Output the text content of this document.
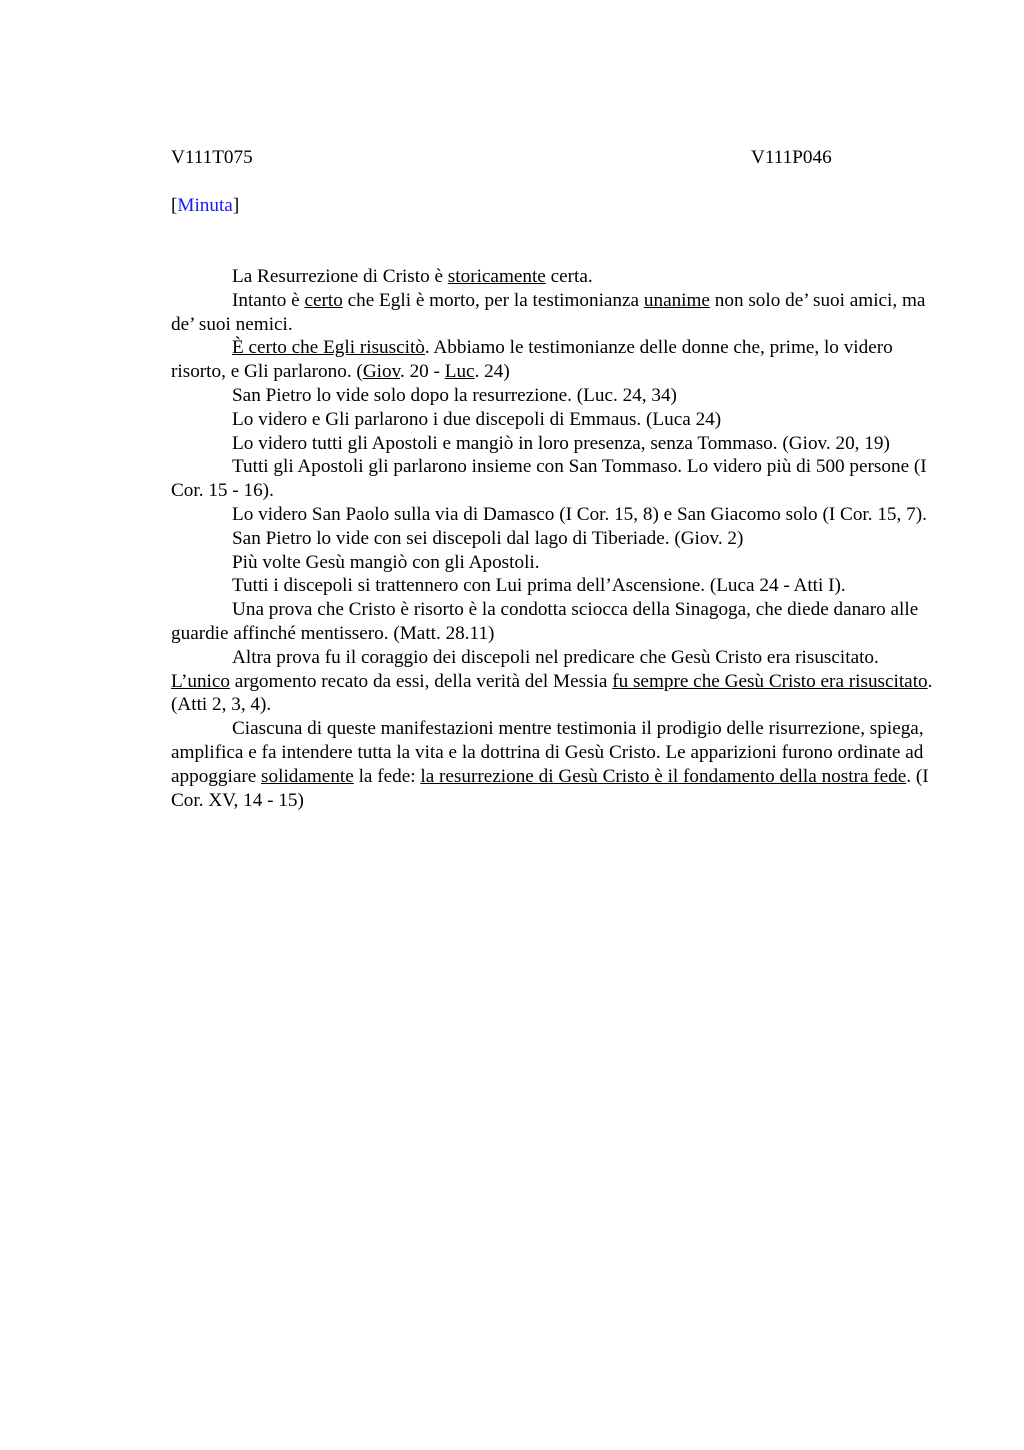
V111T075	V111P046
[Minuta]

La Resurrezione di Cristo è storicamente certa.

Intanto è certo che Egli è morto, per la testimonianza unanime non solo de’ suoi amici, ma de’ suoi nemici.

È certo che Egli risuscitò. Abbiamo le testimonianze delle donne che, prime, lo videro risorto, e Gli parlarono. (Giov. 20 - Luc. 24)

San Pietro lo vide solo dopo la resurrezione. (Luc. 24, 34)

Lo videro e Gli parlarono i due discepoli di Emmaus. (Luca 24)

Lo videro tutti gli Apostoli e mangiò in loro presenza, senza Tommaso. (Giov. 20, 19)

Tutti gli Apostoli gli parlarono insieme con San Tommaso. Lo videro più di 500 persone (I Cor. 15 - 16).

Lo videro San Paolo sulla via di Damasco (I Cor. 15, 8) e San Giacomo solo (I Cor. 15, 7).

San Pietro lo vide con sei discepoli dal lago di Tiberiade. (Giov. 2)

Più volte Gesù mangiò con gli Apostoli.

Tutti i discepoli si trattennero con Lui prima dell’Ascensione. (Luca 24 - Atti I).

Una prova che Cristo è risorto è la condotta sciocca della Sinagoga, che diede danaro alle guardie affinché mentissero. (Matt. 28.11)

Altra prova fu il coraggio dei discepoli nel predicare che Gesù Cristo era risuscitato. L’unico argomento recato da essi, della verità del Messia fu sempre che Gesù Cristo era risuscitato. (Atti 2, 3, 4).

Ciascuna di queste manifestazioni mentre testimonia il prodigio delle risurrezione, spiega, amplifica e fa intendere tutta la vita e la dottrina di Gesù Cristo. Le apparizioni furono ordinate ad appoggiare solidamente la fede: la resurrezione di Gesù Cristo è il fondamento della nostra fede. (I Cor. XV, 14 - 15)
